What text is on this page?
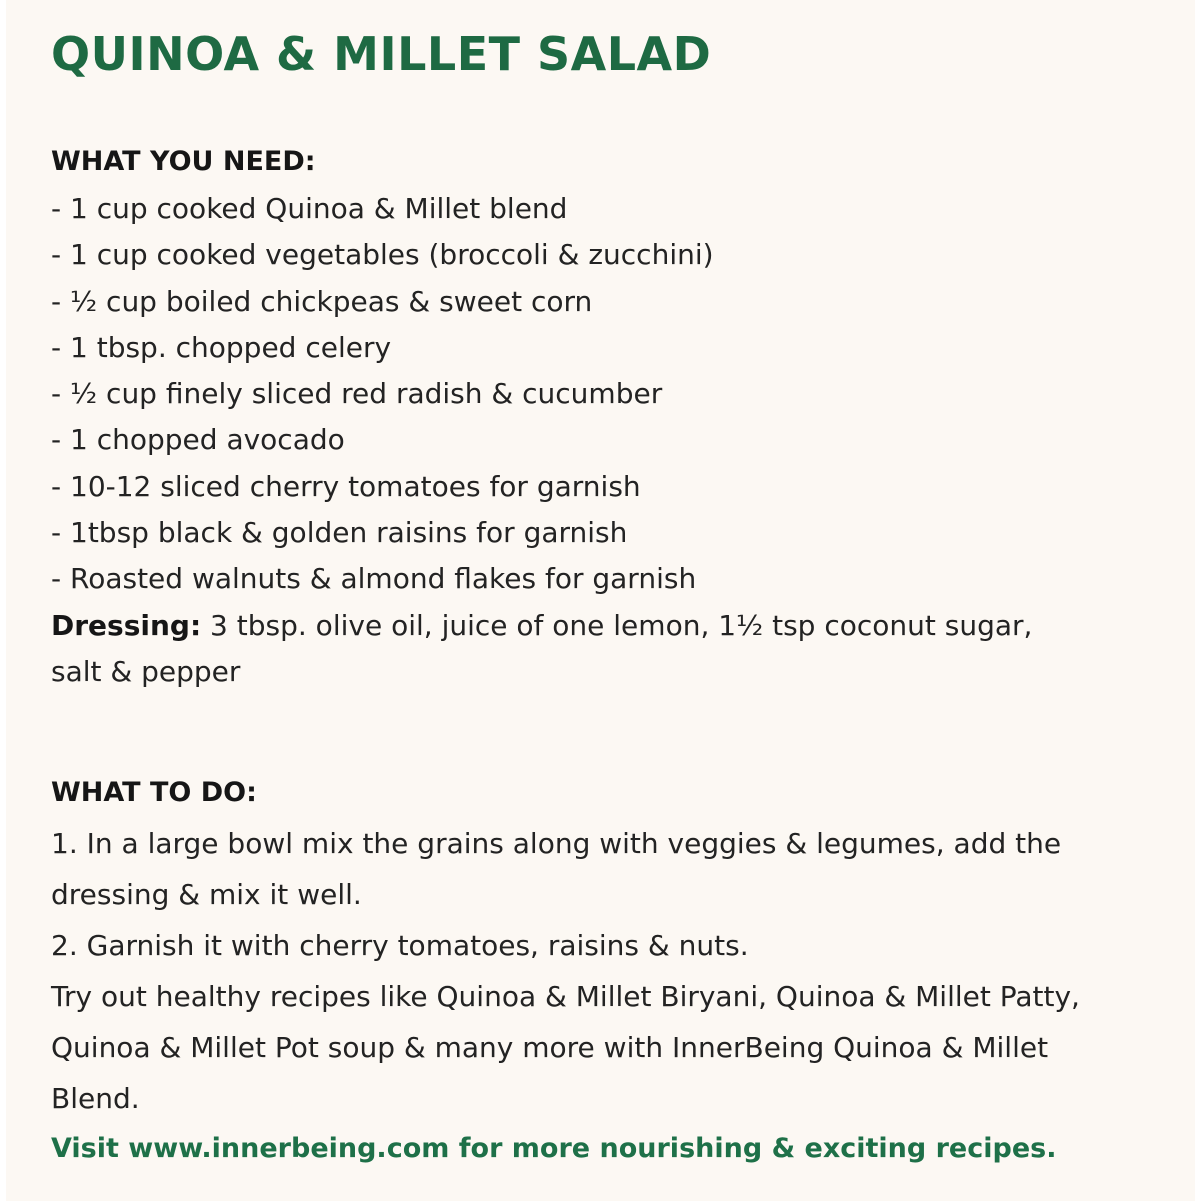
QUINOA & MILLET SALAD
WHAT YOU NEED:
- 1 cup cooked Quinoa & Millet blend
- 1 cup cooked vegetables (broccoli & zucchini)
- ½ cup boiled chickpeas & sweet corn
- 1 tbsp. chopped celery
- ½ cup finely sliced red radish & cucumber
- 1 chopped avocado
- 10-12 sliced cherry tomatoes for garnish
- 1tbsp black & golden raisins for garnish
- Roasted walnuts & almond flakes for garnish

Dressing: 3 tbsp. olive oil, juice of one lemon, 1½ tsp coconut sugar, salt & pepper

WHAT TO DO:

1. In a large bowl mix the grains along with veggies & legumes, add the dressing & mix it well.

2. Garnish it with cherry tomatoes, raisins & nuts.

Try out healthy recipes like Quinoa & Millet Biryani, Quinoa & Millet Patty, Quinoa & Millet Pot soup & many more with InnerBeing Quinoa & Millet Blend.

Visit www.innerbeing.com for more nourishing & exciting recipes.
